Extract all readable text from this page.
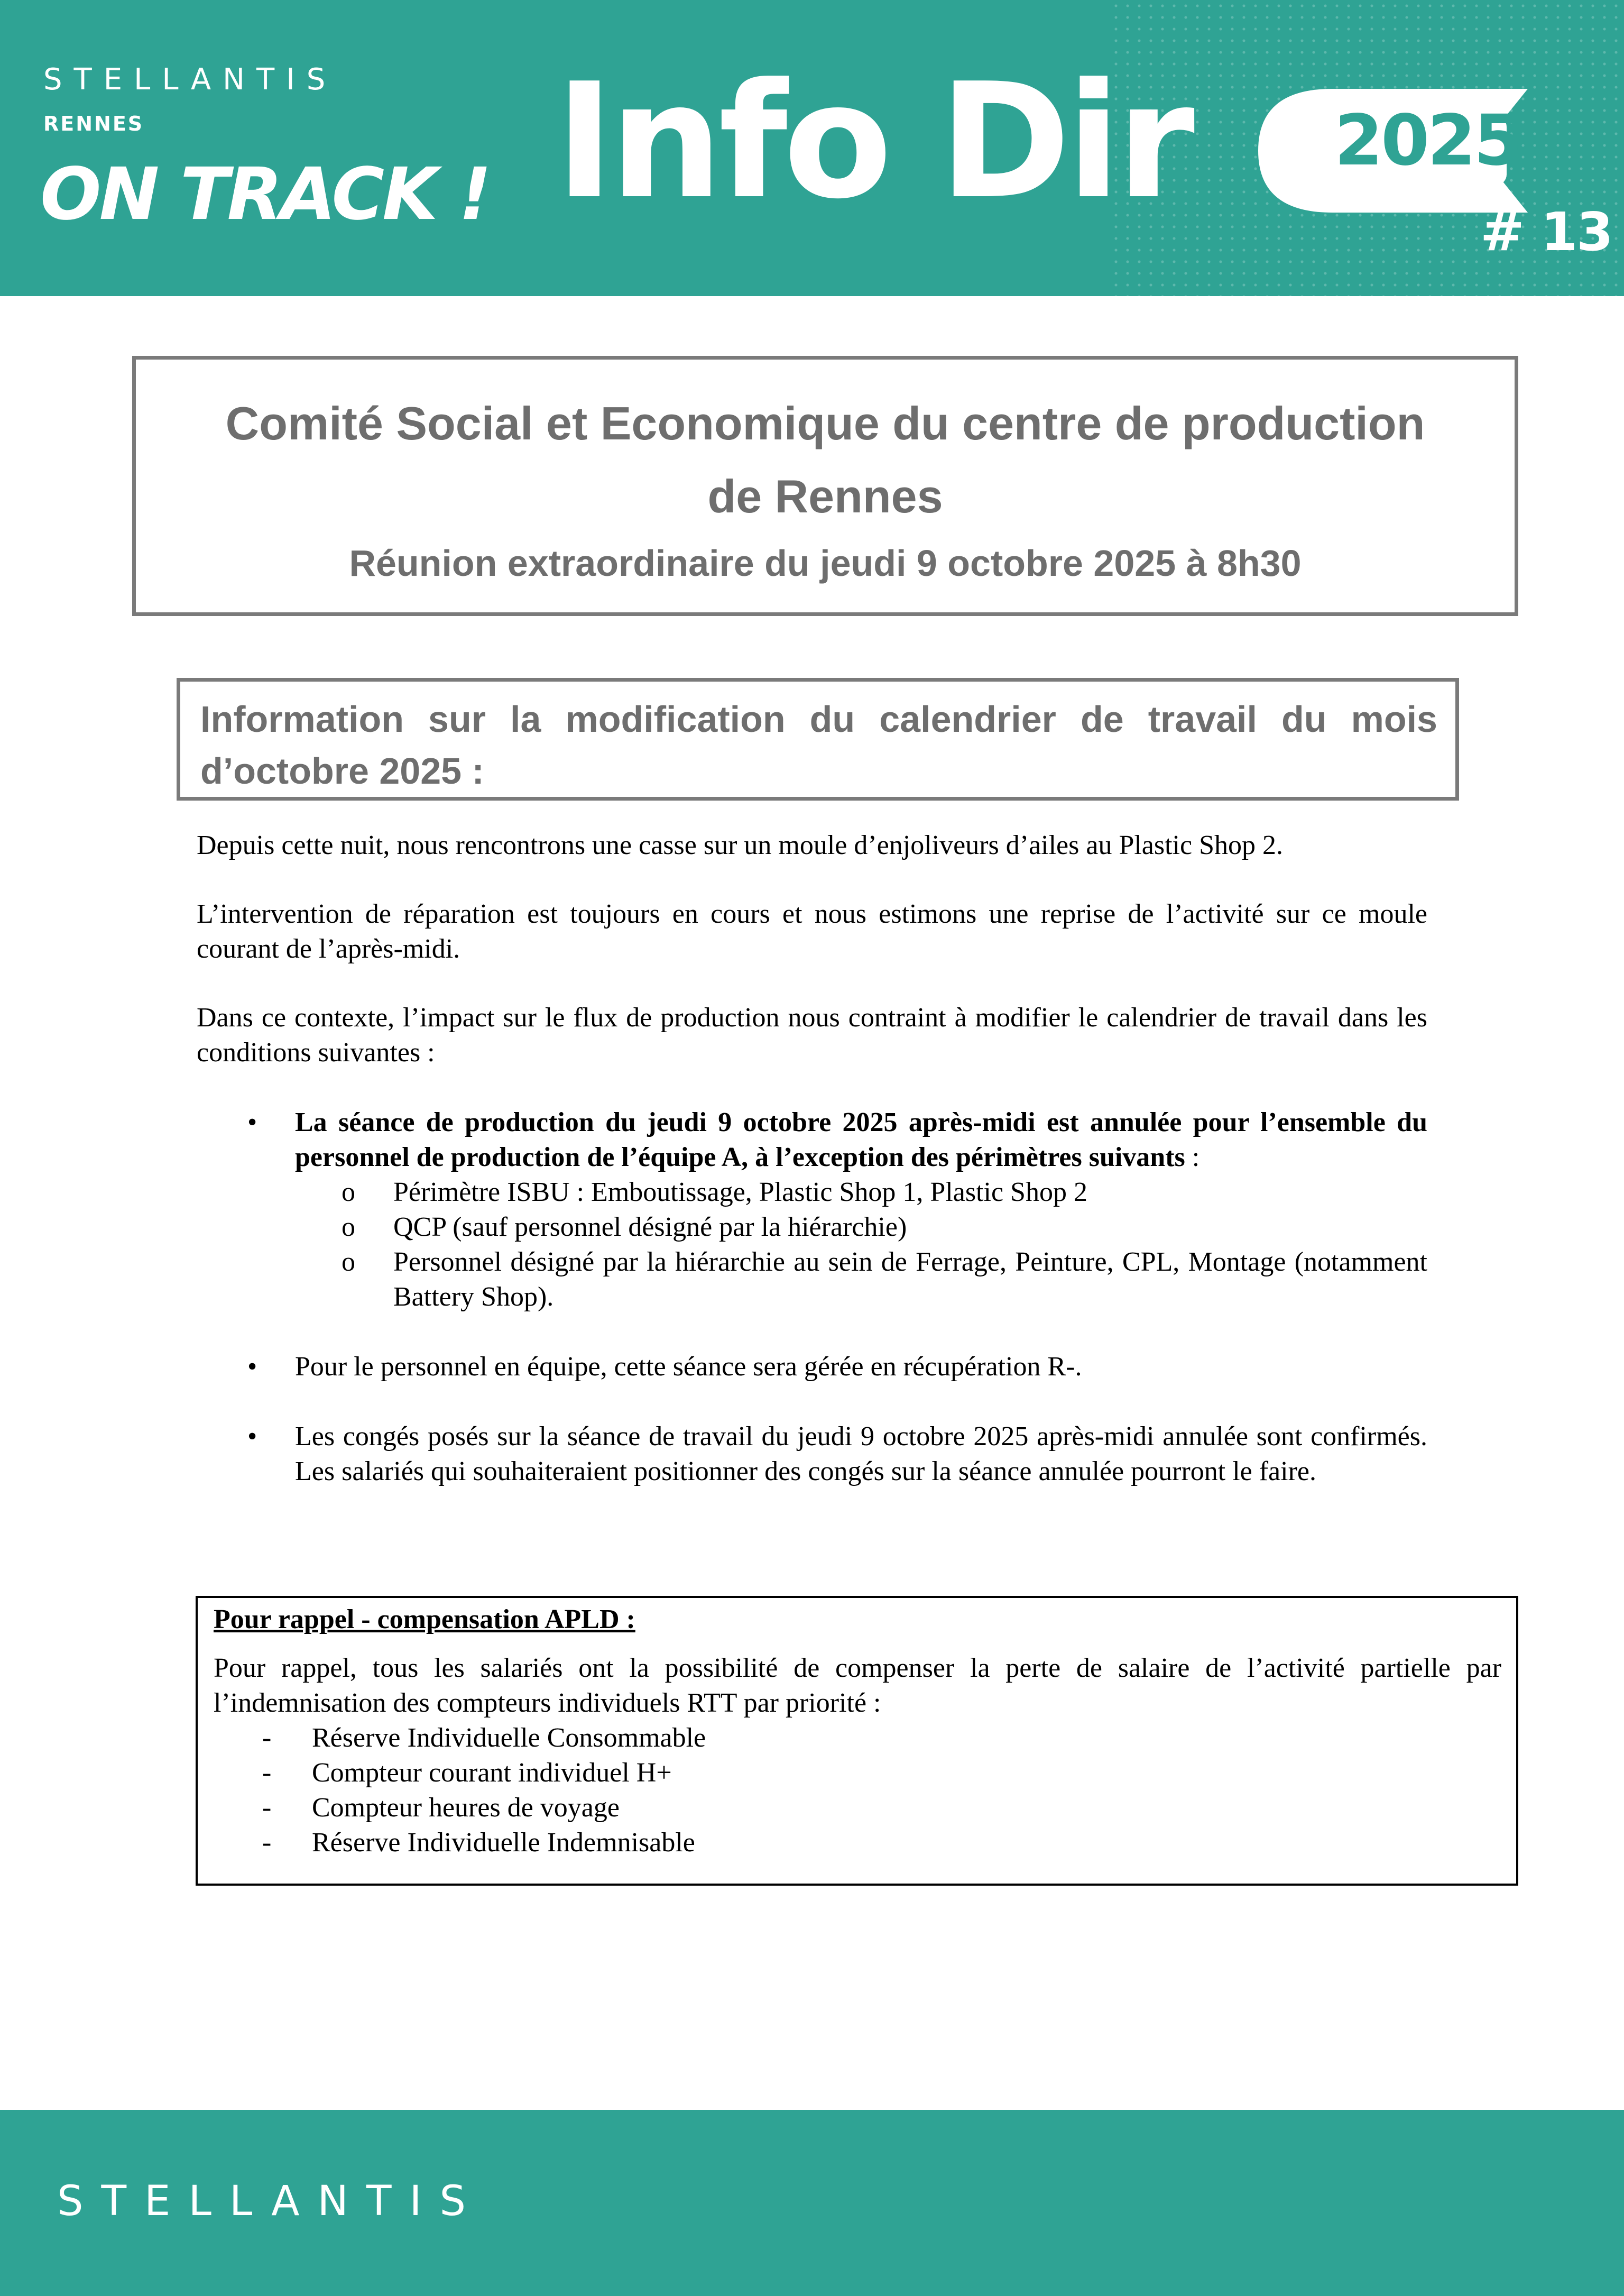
STELLANTIS
RENNES
ON TRACK ! Info Dir 2025
# 13
Comité Social et Economique du centre de production
de Rennes
Réunion extraordinaire du jeudi 9 octobre 2025 à 8h30
Information sur la modification du calendrier de travail du mois d’octobre 2025 :

Depuis cette nuit, nous rencontrons une casse sur un moule d’enjoliveurs d’ailes au Plastic Shop 2.

L’intervention de réparation est toujours en cours et nous estimons une reprise de l’activité sur ce moule courant de l’après-midi.

Dans ce contexte, l’impact sur le flux de production nous contraint à modifier le calendrier de travail dans les conditions suivantes :

• La séance de production du jeudi 9 octobre 2025 après-midi est annulée pour l’ensemble du personnel de production de l’équipe A, à l’exception des périmètres suivants :
o Périmètre ISBU : Emboutissage, Plastic Shop 1, Plastic Shop 2
o QCP (sauf personnel désigné par la hiérarchie)
o Personnel désigné par la hiérarchie au sein de Ferrage, Peinture, CPL, Montage (notamment Battery Shop).
• Pour le personnel en équipe, cette séance sera gérée en récupération R-.
• Les congés posés sur la séance de travail du jeudi 9 octobre 2025 après-midi annulée sont confirmés. Les salariés qui souhaiteraient positionner des congés sur la séance annulée pourront le faire.
Pour rappel - compensation APLD :
Pour rappel, tous les salariés ont la possibilité de compenser la perte de salaire de l’activité partielle par l’indemnisation des compteurs individuels RTT par priorité :
- Réserve Individuelle Consommable
- Compteur courant individuel H+
- Compteur heures de voyage
- Réserve Individuelle Indemnisable
STELLANTIS
